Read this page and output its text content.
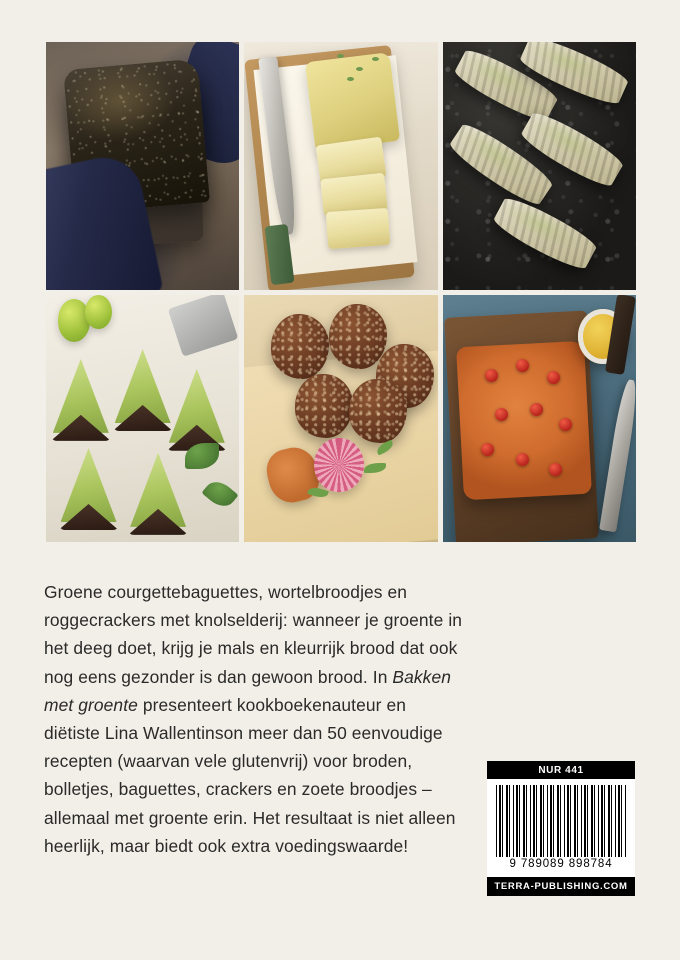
Groene courgettebaguettes, wortelbroodjes en roggecrackers met knolselderij: wanneer je groente in het deeg doet, krijg je mals en kleurrijk brood dat ook nog eens gezonder is dan gewoon brood. In Bakken met groente presenteert kookboekenauteur en diëtiste Lina Wallentinson meer dan 50 eenvoudige recepten (waarvan vele glutenvrij) voor broden, bolletjes, baguettes, crackers en zoete broodjes – allemaal met groente erin. Het resultaat is niet alleen heerlijk, maar biedt ook extra voedingswaarde!
NUR 441
9 789089 898784
TERRA-PUBLISHING.COM
